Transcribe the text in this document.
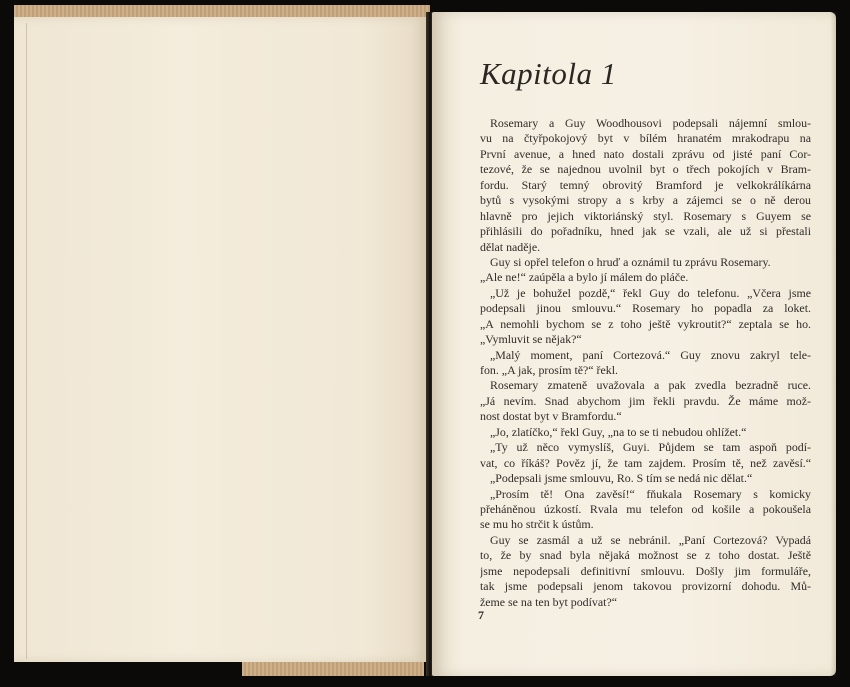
Kapitola 1
Rosemary a Guy Woodhousovi podepsali nájemní smlou-
vu na čtyřpokojový byt v bílém hranatém mrakodrapu na
První avenue, a hned nato dostali zprávu od jisté paní Cor-
tezové, že se najednou uvolnil byt o třech pokojích v Bram-
fordu. Starý temný obrovitý Bramford je velkokrálíkárna
bytů s vysokými stropy a s krby a zájemci se o ně derou
hlavně pro jejich viktoriánský styl. Rosemary s Guyem se
přihlásili do pořadníku, hned jak se vzali, ale už si přestali
dělat naděje.
Guy si opřel telefon o hruď a oznámil tu zprávu Rosemary.
„Ale ne!“ zaúpěla a bylo jí málem do pláče.
„Už je bohužel pozdě,“ řekl Guy do telefonu. „Včera jsme
podepsali jinou smlouvu.“ Rosemary ho popadla za loket.
„A nemohli bychom se z toho ještě vykroutit?“ zeptala se ho.
„Vymluvit se nějak?“
„Malý moment, paní Cortezová.“ Guy znovu zakryl tele-
fon. „A jak, prosím tě?“ řekl.
Rosemary zmateně uvažovala a pak zvedla bezradně ruce.
„Já nevím. Snad abychom jim řekli pravdu. Že máme mož-
nost dostat byt v Bramfordu.“
„Jo, zlatíčko,“ řekl Guy, „na to se ti nebudou ohlížet.“
„Ty už něco vymyslíš, Guyi. Půjdem se tam aspoň podí-
vat, co říkáš? Pověz jí, že tam zajdem. Prosím tě, než zavěsí.“
„Podepsali jsme smlouvu, Ro. S tím se nedá nic dělat.“
„Prosím tě! Ona zavěsí!“ fňukala Rosemary s komicky
přeháněnou úzkostí. Rvala mu telefon od košile a pokoušela
se mu ho strčit k ústům.
Guy se zasmál a už se nebránil. „Paní Cortezová? Vypadá
to, že by snad byla nějaká možnost se z toho dostat. Ještě
jsme nepodepsali definitivní smlouvu. Došly jim formuláře,
tak jsme podepsali jenom takovou provizorní dohodu. Mů-
žeme se na ten byt podívat?“
7
